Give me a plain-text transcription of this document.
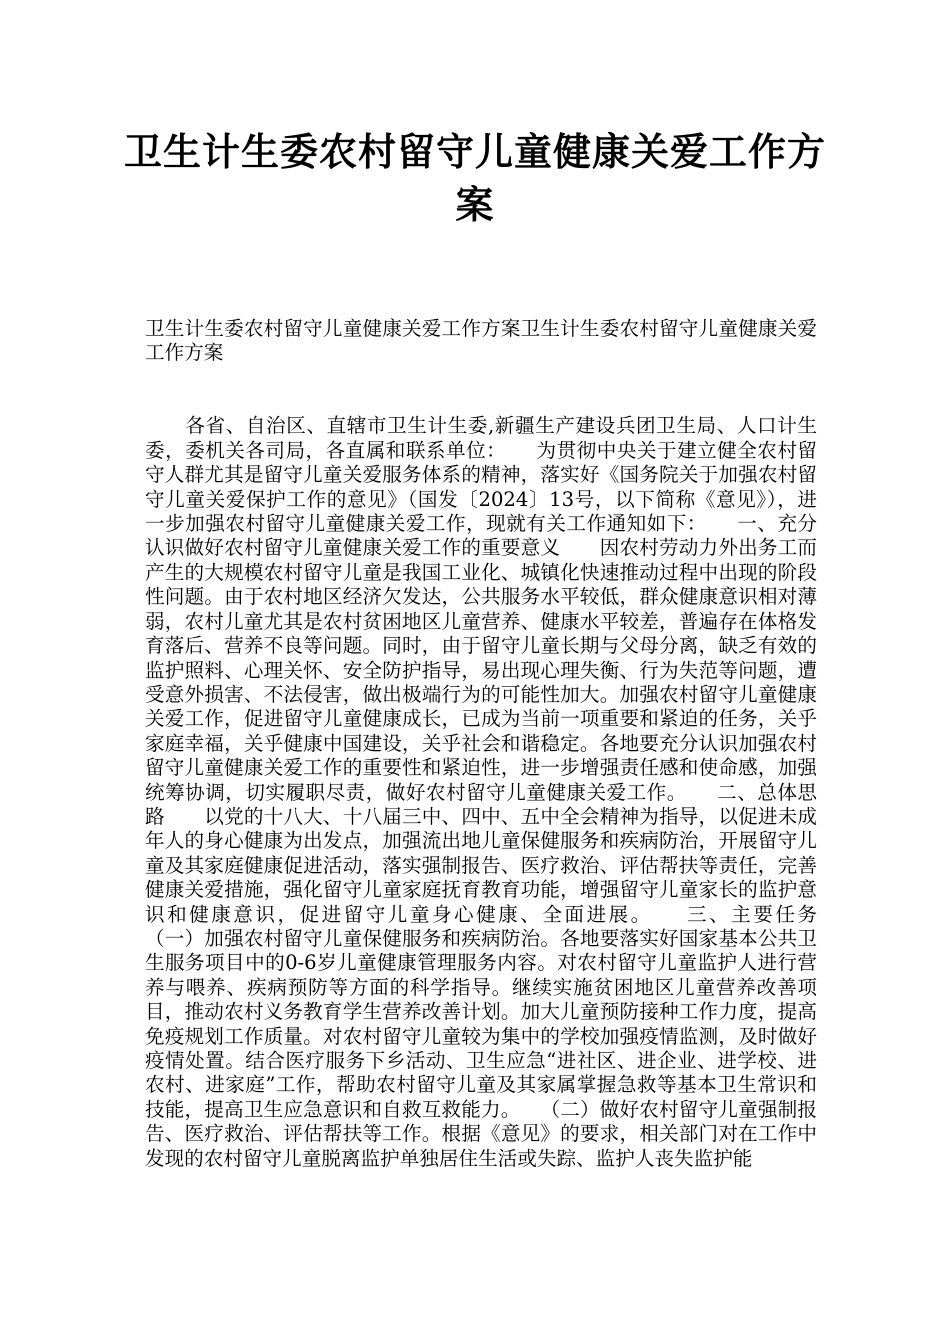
卫生计生委农村留守儿童健康关爱工作方案

卫生计生委农村留守儿童健康关爱工作方案卫生计生委农村留守儿童健康关爱工作方案

　　各省、自治区、直辖市卫生计生委,新疆生产建设兵团卫生局、人口计生委，委机关各司局，各直属和联系单位：　　为贯彻中央关于建立健全农村留守人群尤其是留守儿童关爱服务体系的精神，落实好《国务院关于加强农村留守儿童关爱保护工作的意见》（国发〔2024〕13号，以下简称《意见》），进一步加强农村留守儿童健康关爱工作，现就有关工作通知如下：　　一、充分认识做好农村留守儿童健康关爱工作的重要意义　　因农村劳动力外出务工而产生的大规模农村留守儿童是我国工业化、城镇化快速推动过程中出现的阶段性问题。由于农村地区经济欠发达，公共服务水平较低，群众健康意识相对薄弱，农村儿童尤其是农村贫困地区儿童营养、健康水平较差，普遍存在体格发育落后、营养不良等问题。同时，由于留守儿童长期与父母分离，缺乏有效的监护照料、心理关怀、安全防护指导，易出现心理失衡、行为失范等问题，遭受意外损害、不法侵害，做出极端行为的可能性加大。加强农村留守儿童健康关爱工作，促进留守儿童健康成长，已成为当前一项重要和紧迫的任务，关乎家庭幸福，关乎健康中国建设，关乎社会和谐稳定。各地要充分认识加强农村留守儿童健康关爱工作的重要性和紧迫性，进一步增强责任感和使命感，加强统筹协调，切实履职尽责，做好农村留守儿童健康关爱工作。　　二、总体思路　　以党的十八大、十八届三中、四中、五中全会精神为指导，以促进未成年人的身心健康为出发点，加强流出地儿童保健服务和疾病防治，开展留守儿童及其家庭健康促进活动，落实强制报告、医疗救治、评估帮扶等责任，完善健康关爱措施，强化留守儿童家庭抚育教育功能，增强留守儿童家长的监护意识和健康意识，促进留守儿童身心健康、全面进展。　　三、主要任务　　（一）加强农村留守儿童保健服务和疾病防治。各地要落实好国家基本公共卫生服务项目中的0-6岁儿童健康管理服务内容。对农村留守儿童监护人进行营养与喂养、疾病预防等方面的科学指导。继续实施贫困地区儿童营养改善项目，推动农村义务教育学生营养改善计划。加大儿童预防接种工作力度，提高免疫规划工作质量。对农村留守儿童较为集中的学校加强疫情监测，及时做好疫情处置。结合医疗服务下乡活动、卫生应急“进社区、进企业、进学校、进农村、进家庭”工作，帮助农村留守儿童及其家属掌握急救等基本卫生常识和技能，提高卫生应急意识和自救互救能力。　　（二）做好农村留守儿童强制报告、医疗救治、评估帮扶等工作。根据《意见》的要求，相关部门对在工作中发现的农村留守儿童脱离监护单独居住生活或失踪、监护人丧失监护能
